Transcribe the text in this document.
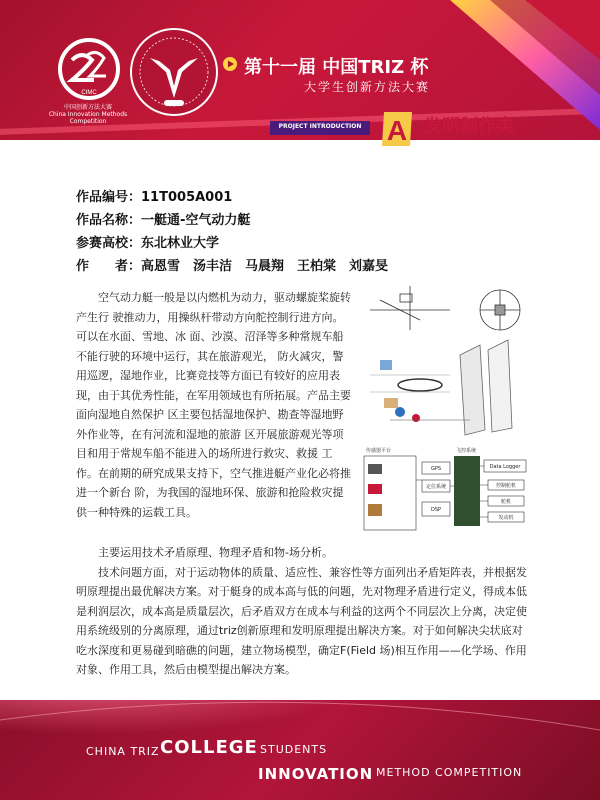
CIMC
中国创新方法大赛
China Innovation Methods Competition
第十一届 中国TRIZ 杯
大学生创新方法大赛
PROJECT INTRODUCTION A 发明制作类
作品编号：11T005A001
作品名称：一艇通-空气动力艇
参赛高校：东北林业大学
作　　者：高恩雪　汤丰洁　马晨翔　王柏棠　刘嘉旻
空气动力艇一般是以内燃机为动力，驱动螺旋桨旋转产生行 驶推动力，用操纵杆带动方向舵控制行进方向。可以在水面、雪地、冰 面、沙漠、沼泽等多种常规车船不能行驶的环境中运行，其在旅游观光， 防火减灾，警用巡逻，湿地作业，比赛竞技等方面已有较好的应用表现，由于其优秀性能，在军用领域也有所拓展。产品主要面向湿地自然保护 区主要包括湿地保护、勘查等湿地野外作业等，在有河流和湿地的旅游 区开展旅游观光等项目和用于常规车船不能进入的场所进行救灾、救援 工作。在前期的研究成果支持下，空气推进艇产业化必将推进一个新台 阶，为我国的湿地环保、旅游和抢险救灾提供一种特殊的运载工具。
传感器平台	飞控系统
GPS
定位系统
DSP
Data Logger
控制舵机
舵机
发动机

主要运用技术矛盾原理、物理矛盾和物-场分析。

技术问题方面，对于运动物体的质量、适应性、兼容性等方面列出矛盾矩阵表，并根据发明原理提出最优解决方案。对于艇身的成本高与低的问题，先对物理矛盾进行定义，得成本低是利润层次，成本高是质量层次，后矛盾双方在成本与利益的这两个不同层次上分离，决定使用系统级别的分离原理，通过triz创新原理和发明原理提出解决方案。对于如何解决尖状底对吃水深度和更易碰到暗礁的问题，建立物场模型，确定F(Field 场)相互作用——化学场、作用对象、作用工具，然后由模型提出解决方案。

CHINA TRIZ COLLEGE STUDENTS
INNOVATION METHOD COMPETITION
